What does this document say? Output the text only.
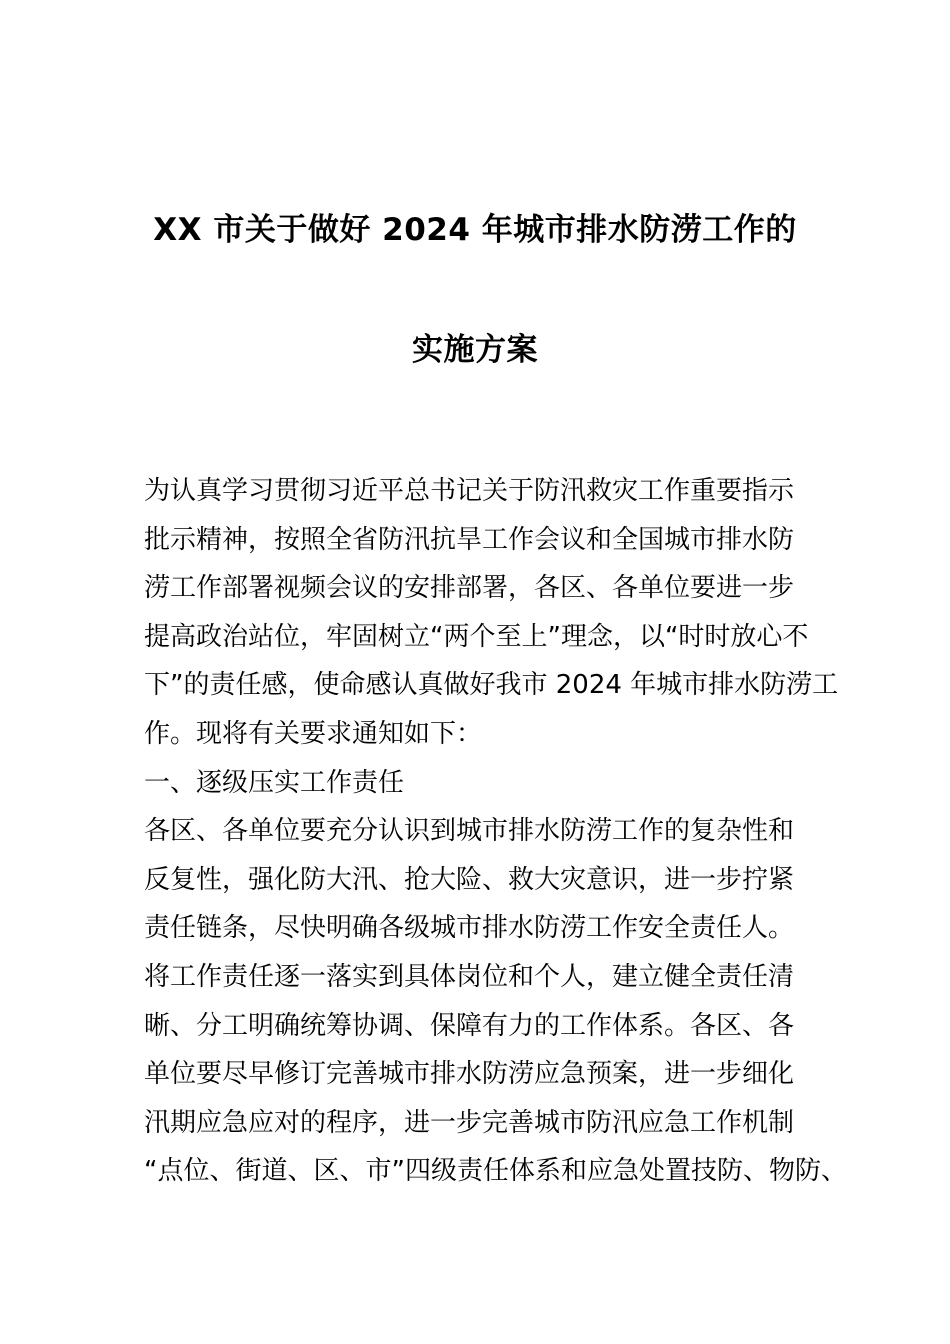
XX 市关于做好 2024 年城市排水防涝工作的
实施方案
为认真学习贯彻习近平总书记关于防汛救灾工作重要指示
批示精神，按照全省防汛抗旱工作会议和全国城市排水防
涝工作部署视频会议的安排部署，各区、各单位要进一步
提高政治站位，牢固树立“两个至上”理念，以“时时放心不
下”的责任感，使命感认真做好我市 2024 年城市排水防涝工
作。现将有关要求通知如下：
一、逐级压实工作责任
各区、各单位要充分认识到城市排水防涝工作的复杂性和
反复性，强化防大汛、抢大险、救大灾意识，进一步拧紧
责任链条，尽快明确各级城市排水防涝工作安全责任人。
将工作责任逐一落实到具体岗位和个人，建立健全责任清
晰、分工明确统筹协调、保障有力的工作体系。各区、各
单位要尽早修订完善城市排水防涝应急预案，进一步细化
汛期应急应对的程序，进一步完善城市防汛应急工作机制
“点位、街道、区、市”四级责任体系和应急处置技防、物防、
